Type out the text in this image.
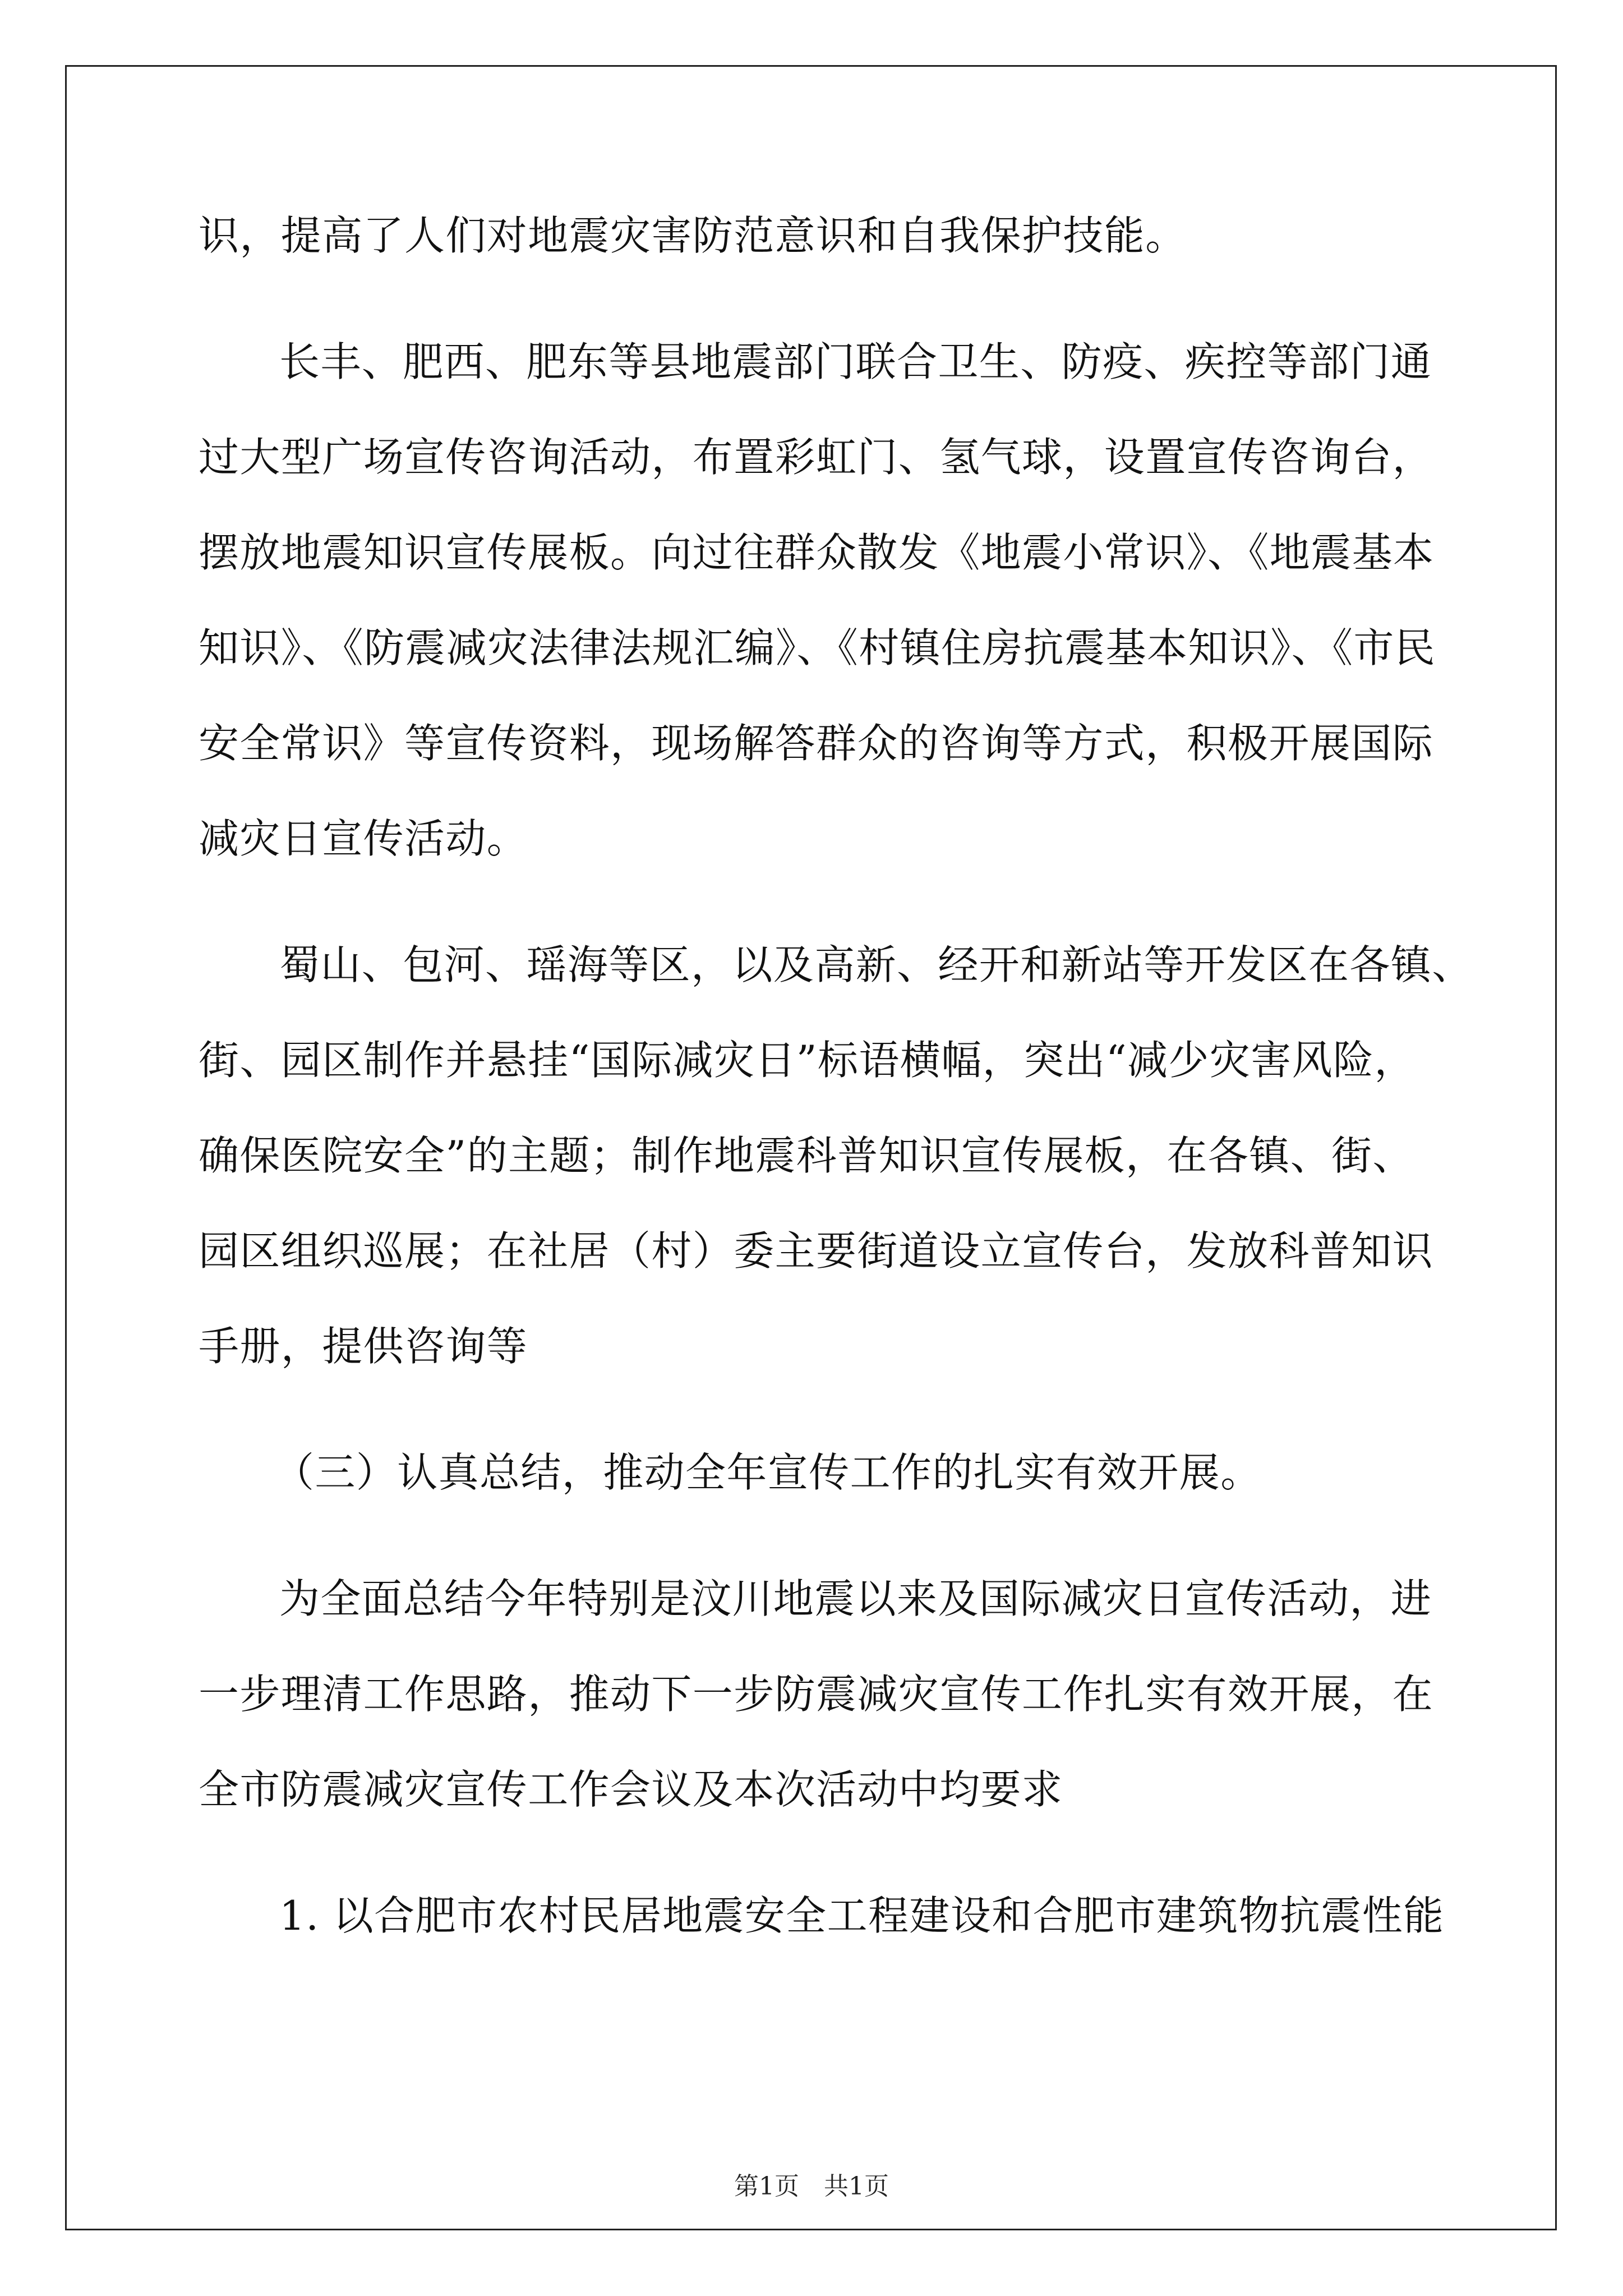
识，提高了人们对地震灾害防范意识和自我保护技能。
长丰、肥西、肥东等县地震部门联合卫生、防疫、疾控等部门通
过大型广场宣传咨询活动，布置彩虹门、氢气球，设置宣传咨询台，
摆放地震知识宣传展板。向过往群众散发《地震小常识》、《地震基本
知识》、《防震减灾法律法规汇编》、《村镇住房抗震基本知识》、《市民
安全常识》等宣传资料，现场解答群众的咨询等方式，积极开展国际
减灾日宣传活动。
蜀山、包河、瑶海等区，以及高新、经开和新站等开发区在各镇、
街、园区制作并悬挂“国际减灾日”标语横幅，突出“减少灾害风险，
确保医院安全”的主题；制作地震科普知识宣传展板，在各镇、街、
园区组织巡展；在社居（村）委主要街道设立宣传台，发放科普知识
手册，提供咨询等
（三）认真总结，推动全年宣传工作的扎实有效开展。
为全面总结今年特别是汶川地震以来及国际减灾日宣传活动，进
一步理清工作思路，推动下一步防震减灾宣传工作扎实有效开展，在
全市防震减灾宣传工作会议及本次活动中均要求
1. 以合肥市农村民居地震安全工程建设和合肥市建筑物抗震性能
第1页　共1页
